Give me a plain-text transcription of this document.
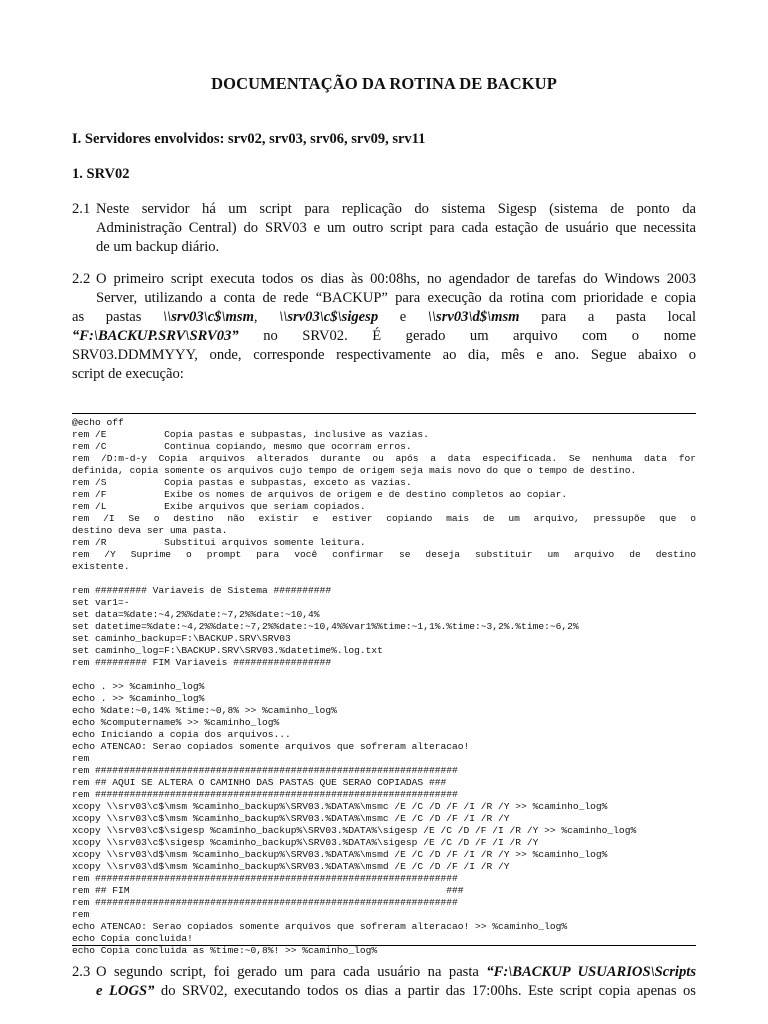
DOCUMENTAÇÃO DA ROTINA DE BACKUP
I. Servidores envolvidos: srv02, srv03, srv06, srv09, srv11
1. SRV02
2.1 Neste servidor há um script para replicação do sistema Sigesp (sistema de ponto da
Administração Central) do SRV03 e um outro script para cada estação de usuário que necessita
de um backup diário.
2.2 O primeiro script executa todos os dias às 00:08hs, no agendador de tarefas do Windows 2003
Server, utilizando a conta de rede “BACKUP” para execução da rotina com prioridade e copia
as pastas \\srv03\c$\msm, \\srv03\c$\sigesp e \\srv03\d$\msm para a pasta local
“F:\BACKUP.SRV\SRV03” no SRV02. É gerado um arquivo com o nome
SRV03.DDMMYYY, onde, corresponde respectivamente ao dia, mês e ano. Segue abaixo o
script de execução:
@echo off
rem /E          Copia pastas e subpastas, inclusive as vazias.
rem /C          Continua copiando, mesmo que ocorram erros.
rem /D:m-d-y Copia arquivos alterados durante ou após a data especificada. Se nenhuma data for
definida, copia somente os arquivos cujo tempo de origem seja mais novo do que o tempo de destino.
rem /S          Copia pastas e subpastas, exceto as vazias.
rem /F          Exibe os nomes de arquivos de origem e de destino completos ao copiar.
rem /L          Exibe arquivos que seriam copiados.
rem /I Se o destino não existir e estiver copiando mais de um arquivo, pressupõe que o
destino deva ser uma pasta.
rem /R          Substitui arquivos somente leitura.
rem /Y Suprime o prompt para você confirmar se deseja substituir um arquivo de destino
existente.

rem ######### Variaveis de Sistema ##########
set var1=-
set data=%date:~4,2%%date:~7,2%%date:~10,4%
set datetime=%date:~4,2%%date:~7,2%%date:~10,4%%var1%%time:~1,1%.%time:~3,2%.%time:~6,2%
set caminho_backup=F:\BACKUP.SRV\SRV03
set caminho_log=F:\BACKUP.SRV\SRV03.%datetime%.log.txt
rem ######### FIM Variaveis #################

echo . >> %caminho_log%
echo . >> %caminho_log%
echo %date:~0,14% %time:~0,8% >> %caminho_log%
echo %computername% >> %caminho_log%
echo Iniciando a copia dos arquivos...
echo ATENCAO: Serao copiados somente arquivos que sofreram alteracao!
rem
rem ###############################################################
rem ## AQUI SE ALTERA O CAMINHO DAS PASTAS QUE SERAO COPIADAS ###
rem ###############################################################
xcopy \\srv03\c$\msm %caminho_backup%\SRV03.%DATA%\msmc /E /C /D /F /I /R /Y >> %caminho_log%
xcopy \\srv03\c$\msm %caminho_backup%\SRV03.%DATA%\msmc /E /C /D /F /I /R /Y
xcopy \\srv03\c$\sigesp %caminho_backup%\SRV03.%DATA%\sigesp /E /C /D /F /I /R /Y >> %caminho_log%
xcopy \\srv03\c$\sigesp %caminho_backup%\SRV03.%DATA%\sigesp /E /C /D /F /I /R /Y
xcopy \\srv03\d$\msm %caminho_backup%\SRV03.%DATA%\msmd /E /C /D /F /I /R /Y >> %caminho_log%
xcopy \\srv03\d$\msm %caminho_backup%\SRV03.%DATA%\msmd /E /C /D /F /I /R /Y
rem ###############################################################
rem ## FIM                                                       ###
rem ###############################################################
rem
echo ATENCAO: Serao copiados somente arquivos que sofreram alteracao! >> %caminho_log%
echo Copia concluida!
echo Copia concluida as %time:~0,8%! >> %caminho_log%
2.3 O segundo script, foi gerado um para cada usuário na pasta “F:\BACKUP USUARIOS\Scripts
e LOGS” do SRV02, executando todos os dias a partir das 17:00hs. Este script copia apenas os
